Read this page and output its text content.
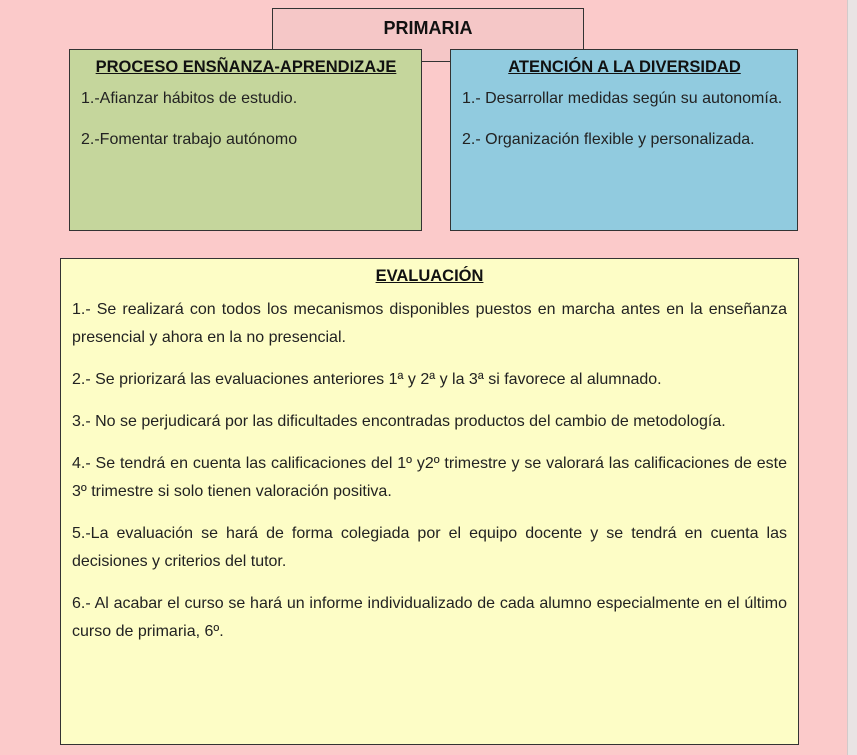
PRIMARIA
PROCESO ENSÑANZA-APRENDIZAJE

1.-Afianzar hábitos de estudio.

2.-Fomentar trabajo autónomo

ATENCIÓN A LA DIVERSIDAD

1.- Desarrollar medidas según su autonomía.

2.- Organización flexible y personalizada.

EVALUACIÓN

1.- Se realizará con todos los mecanismos disponibles puestos en marcha antes en la enseñanza presencial y ahora en la no presencial.

2.- Se priorizará las evaluaciones anteriores 1ª y 2ª y la 3ª si favorece al alumnado.

3.- No se perjudicará por las dificultades encontradas productos del cambio de metodología.

4.- Se tendrá en cuenta las calificaciones del 1º y2º trimestre y se valorará las calificaciones de este 3º trimestre si solo tienen valoración positiva.

5.-La evaluación se hará de forma colegiada por el equipo docente y se tendrá en cuenta las decisiones y criterios del tutor.

6.- Al acabar el curso se hará un informe individualizado de cada alumno especialmente en el último curso de primaria, 6º.
